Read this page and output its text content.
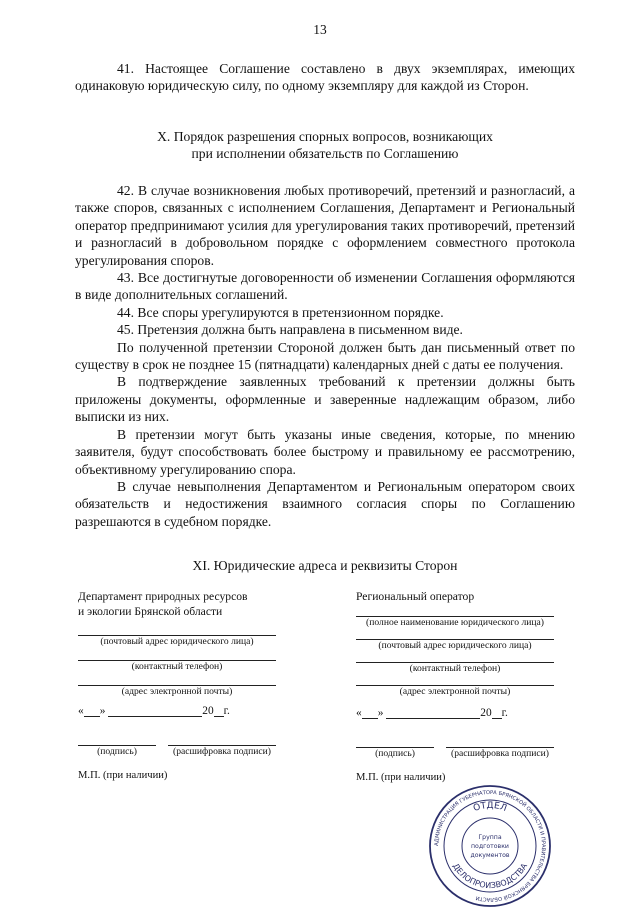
13

41. Настоящее Соглашение составлено в двух экземплярах, имеющих одинаковую юридическую силу, по одному экземпляру для каждой из Сторон.

X. Порядок разрешения спорных вопросов, возникающих
при исполнении обязательств по Соглашению

42. В случае возникновения любых противоречий, претензий и разногласий, а также споров, связанных с исполнением Соглашения, Департамент и Региональный оператор предпринимают усилия для урегулирования таких противоречий, претензий и разногласий в добровольном порядке с оформлением совместного протокола урегулирования споров.

43. Все достигнутые договоренности об изменении Соглашения оформляются в виде дополнительных соглашений.

44. Все споры урегулируются в претензионном порядке.

45. Претензия должна быть направлена в письменном виде.

По полученной претензии Стороной должен быть дан письменный ответ по существу в срок не позднее 15 (пятнадцати) календарных дней с даты ее получения.

В подтверждение заявленных требований к претензии должны быть приложены документы, оформленные и заверенные надлежащим образом, либо выписки из них.

В претензии могут быть указаны иные сведения, которые, по мнению заявителя, будут способствовать более быстрому и правильному ее рассмотрению, объективному урегулированию спора.

В случае невыполнения Департаментом и Региональным оператором своих обязательств и недостижения взаимного согласия споры по Соглашению разрешаются в судебном порядке.

XI. Юридические адреса и реквизиты Сторон
Департамент природных ресурсов
и экологии Брянской области
(почтовый адрес юридического лица)
(контактный телефон)
(адрес электронной почты)
« »	20 г.
(подпись)	(расшифровка подписи)
М.П. (при наличии)
Региональный оператор
(полное наименование юридического лица)
(почтовый адрес юридического лица)
(контактный телефон)
(адрес электронной почты)
« »	20 г.
(подпись)	(расшифровка подписи)
М.П. (при наличии)
АДМИНИСТРАЦИЯ ГУБЕРНАТОРА БРЯНСКОЙ ОБЛАСТИ И ПРАВИТЕЛЬСТВА БРЯНСКОЙ ОБЛАСТИ
ОТДЕЛ
ДЕЛОПРОИЗВОДСТВА
Группа
подготовки
документов
